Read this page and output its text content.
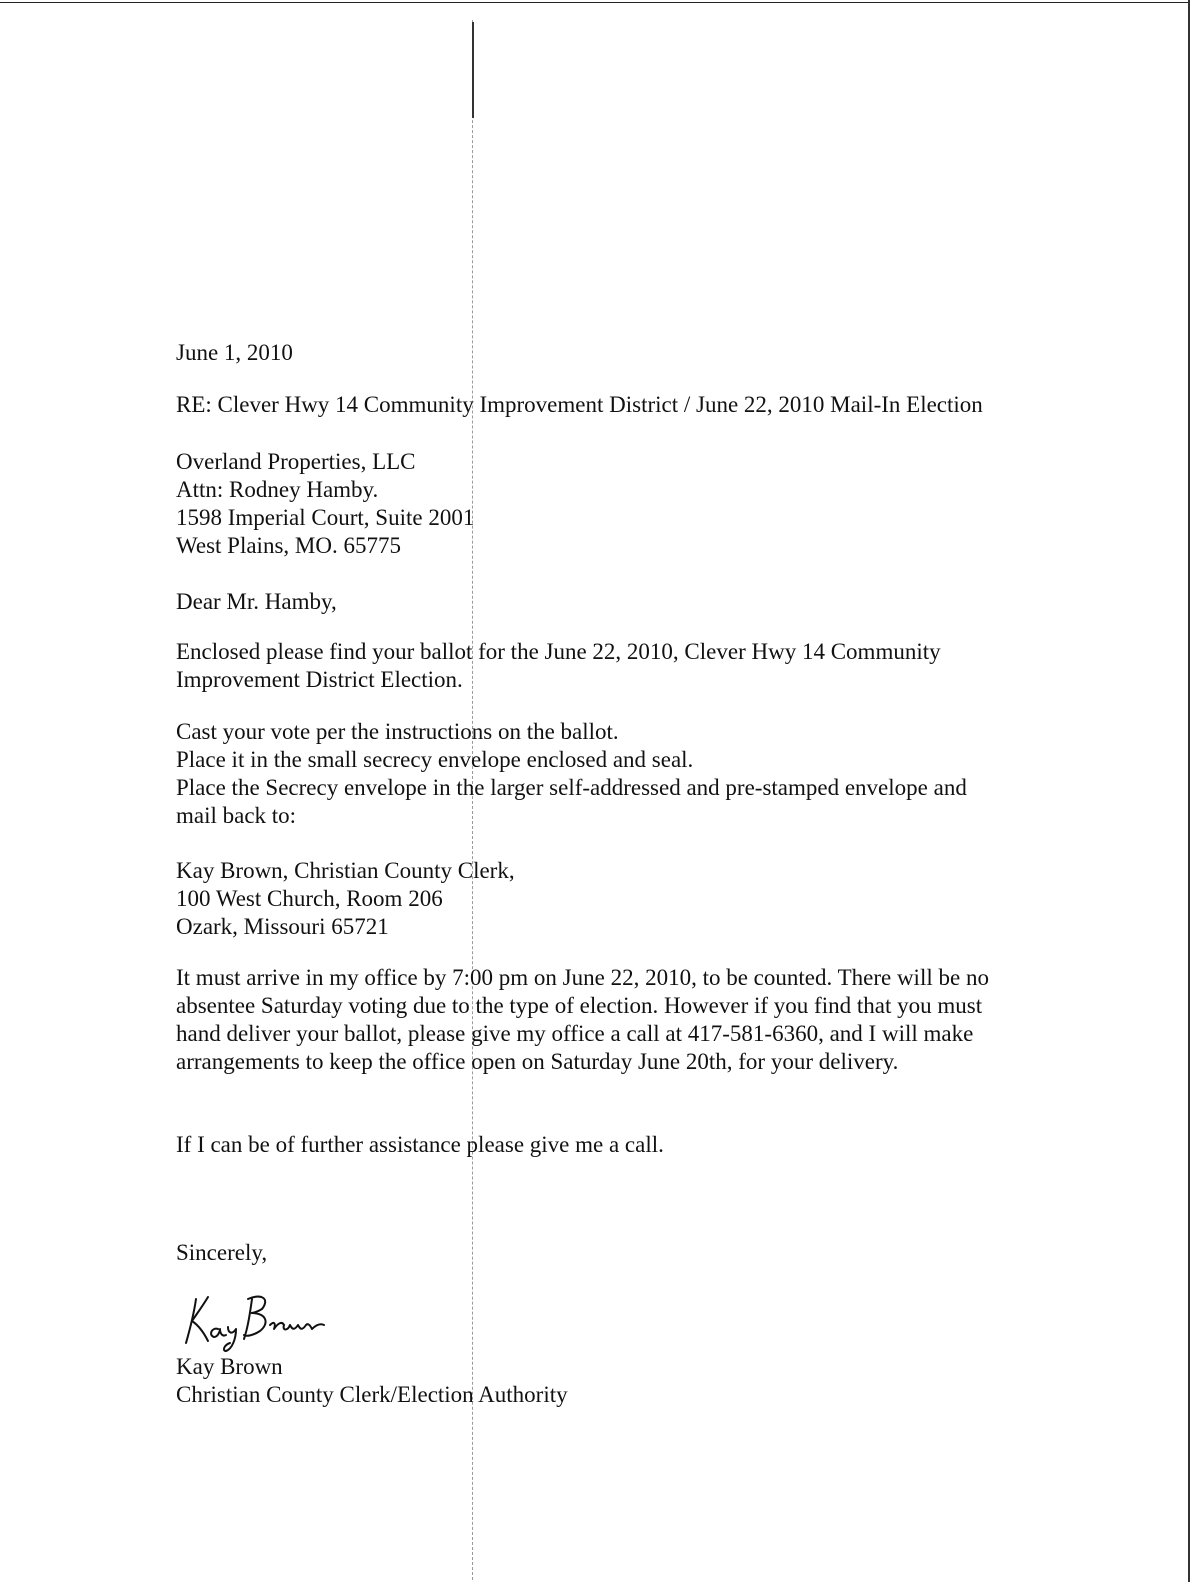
June 1, 2010

RE: Clever Hwy 14 Community Improvement District / June 22, 2010 Mail-In Election

Overland Properties, LLC
Attn: Rodney Hamby.
1598 Imperial Court, Suite 2001
West Plains, MO. 65775

Dear Mr. Hamby,

Enclosed please find your ballot for the June 22, 2010, Clever Hwy 14 Community
Improvement District Election.
Cast your vote per the instructions on the ballot.
Place it in the small secrecy envelope enclosed and seal.
Place the Secrecy envelope in the larger self-addressed and pre-stamped envelope and
mail back to:
Kay Brown, Christian County Clerk,
100 West Church, Room 206
Ozark, Missouri 65721
It must arrive in my office by 7:00 pm on June 22, 2010, to be counted. There will be no
absentee Saturday voting due to the type of election. However if you find that you must
hand deliver your ballot, please give my office a call at 417-581-6360, and I will make
arrangements to keep the office open on Saturday June 20th, for your delivery.

If I can be of further assistance please give me a call.

Sincerely,

Kay Brown
Christian County Clerk/Election Authority
